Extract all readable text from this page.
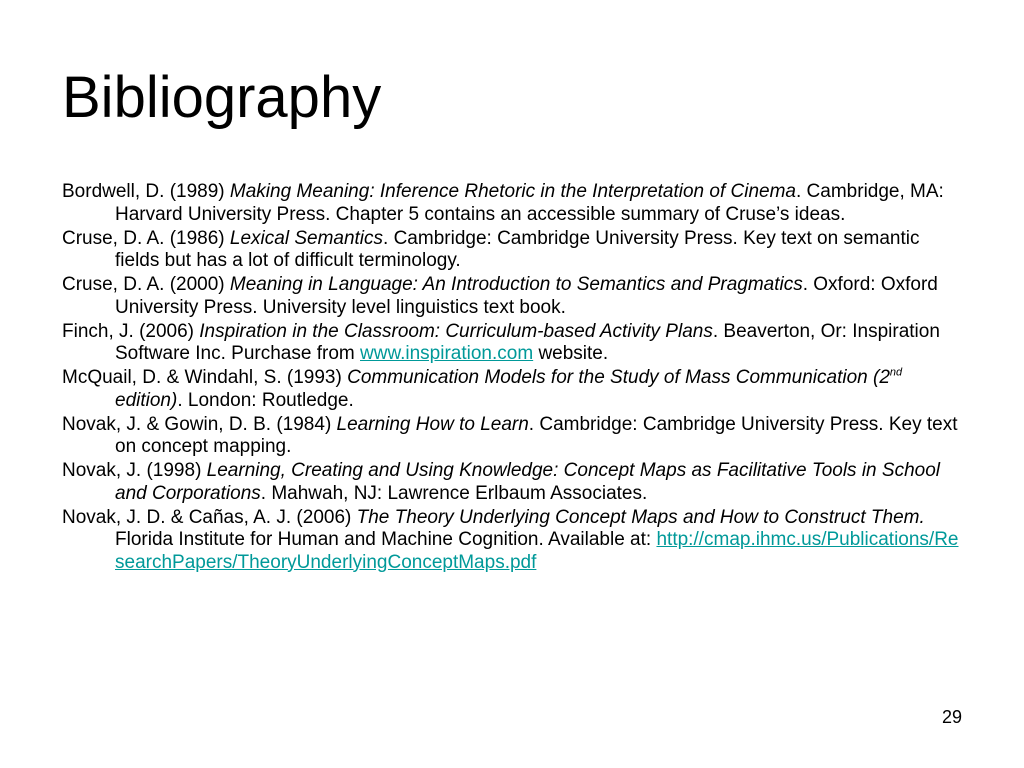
Bibliography

Bordwell, D. (1989) Making Meaning: Inference Rhetoric in the Interpretation of Cinema. Cambridge, MA: Harvard University Press. Chapter 5 contains an accessible summary of Cruse’s ideas.

Cruse, D. A. (1986) Lexical Semantics. Cambridge: Cambridge University Press. Key text on semantic fields but has a lot of difficult terminology.

Cruse, D. A. (2000) Meaning in Language: An Introduction to Semantics and Pragmatics. Oxford: Oxford University Press. University level linguistics text book.

Finch, J. (2006) Inspiration in the Classroom: Curriculum-based Activity Plans. Beaverton, Or: Inspiration Software Inc. Purchase from www.inspiration.com website.

McQuail, D. & Windahl, S. (1993) Communication Models for the Study of Mass Communication (2nd edition). London: Routledge.

Novak, J. & Gowin, D. B. (1984) Learning How to Learn. Cambridge: Cambridge University Press. Key text on concept mapping.

Novak, J. (1998) Learning, Creating and Using Knowledge: Concept Maps as Facilitative Tools in School and Corporations. Mahwah, NJ: Lawrence Erlbaum Associates.

Novak, J. D. & Cañas, A. J. (2006) The Theory Underlying Concept Maps and How to Construct Them. Florida Institute for Human and Machine Cognition. Available at: http://cmap.ihmc.us/Publications/ResearchPapers/TheoryUnderlyingConceptMaps.pdf

29
